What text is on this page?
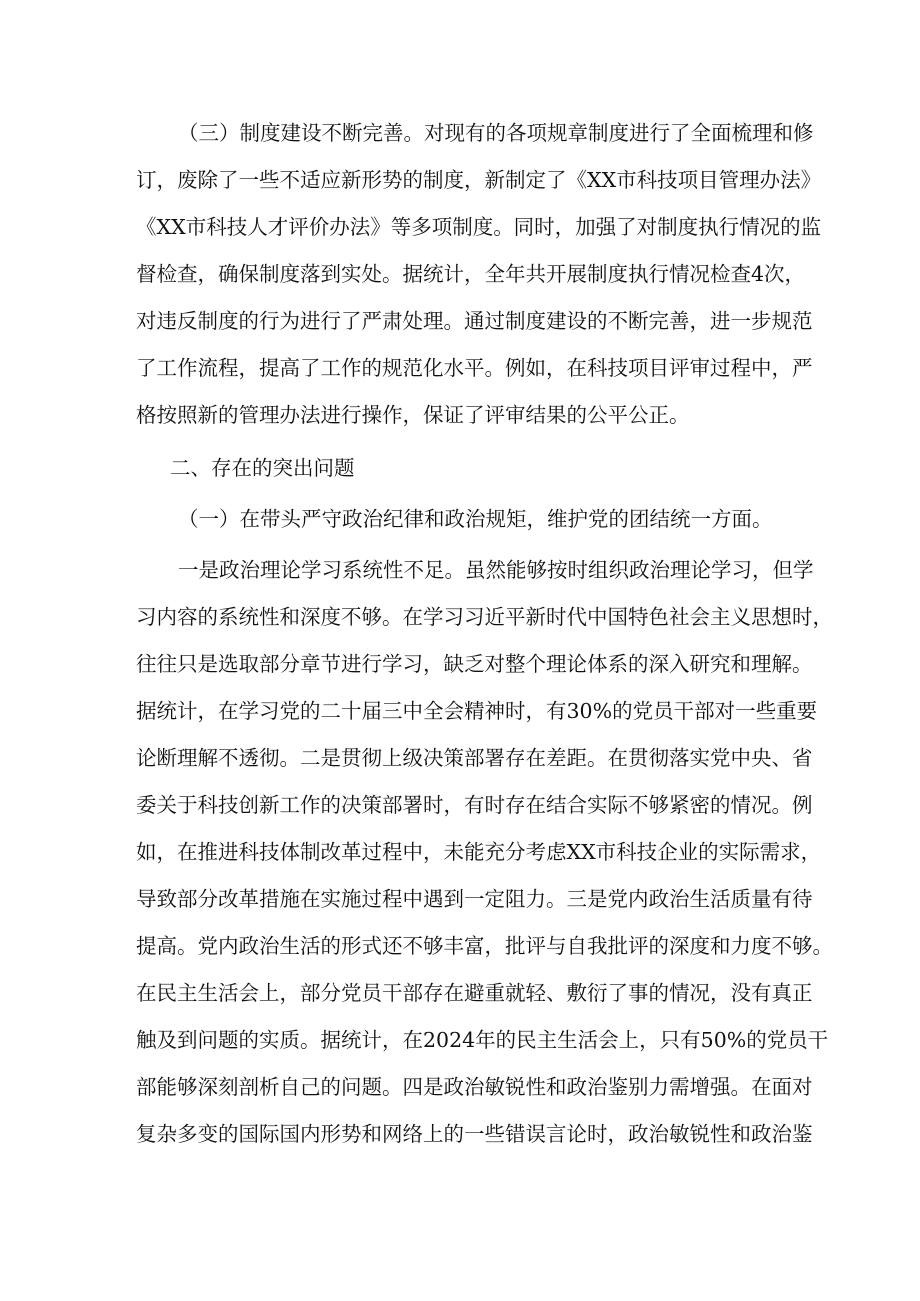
（三）制度建设不断完善。对现有的各项规章制度进行了全面梳理和修
订，废除了一些不适应新形势的制度，新制定了《XX市科技项目管理办法》
《XX市科技人才评价办法》等多项制度。同时，加强了对制度执行情况的监
督检查，确保制度落到实处。据统计，全年共开展制度执行情况检查4次，
对违反制度的行为进行了严肃处理。通过制度建设的不断完善，进一步规范
了工作流程，提高了工作的规范化水平。例如，在科技项目评审过程中，严
格按照新的管理办法进行操作，保证了评审结果的公平公正。
二、存在的突出问题
（一）在带头严守政治纪律和政治规矩，维护党的团结统一方面。
一是政治理论学习系统性不足。虽然能够按时组织政治理论学习，但学
习内容的系统性和深度不够。在学习习近平新时代中国特色社会主义思想时，
往往只是选取部分章节进行学习，缺乏对整个理论体系的深入研究和理解。
据统计，在学习党的二十届三中全会精神时，有30%的党员干部对一些重要
论断理解不透彻。二是贯彻上级决策部署存在差距。在贯彻落实党中央、省
委关于科技创新工作的决策部署时，有时存在结合实际不够紧密的情况。例
如，在推进科技体制改革过程中，未能充分考虑XX市科技企业的实际需求，
导致部分改革措施在实施过程中遇到一定阻力。三是党内政治生活质量有待
提高。党内政治生活的形式还不够丰富，批评与自我批评的深度和力度不够。
在民主生活会上，部分党员干部存在避重就轻、敷衍了事的情况，没有真正
触及到问题的实质。据统计，在2024年的民主生活会上，只有50%的党员干
部能够深刻剖析自己的问题。四是政治敏锐性和政治鉴别力需增强。在面对
复杂多变的国际国内形势和网络上的一些错误言论时，政治敏锐性和政治鉴
